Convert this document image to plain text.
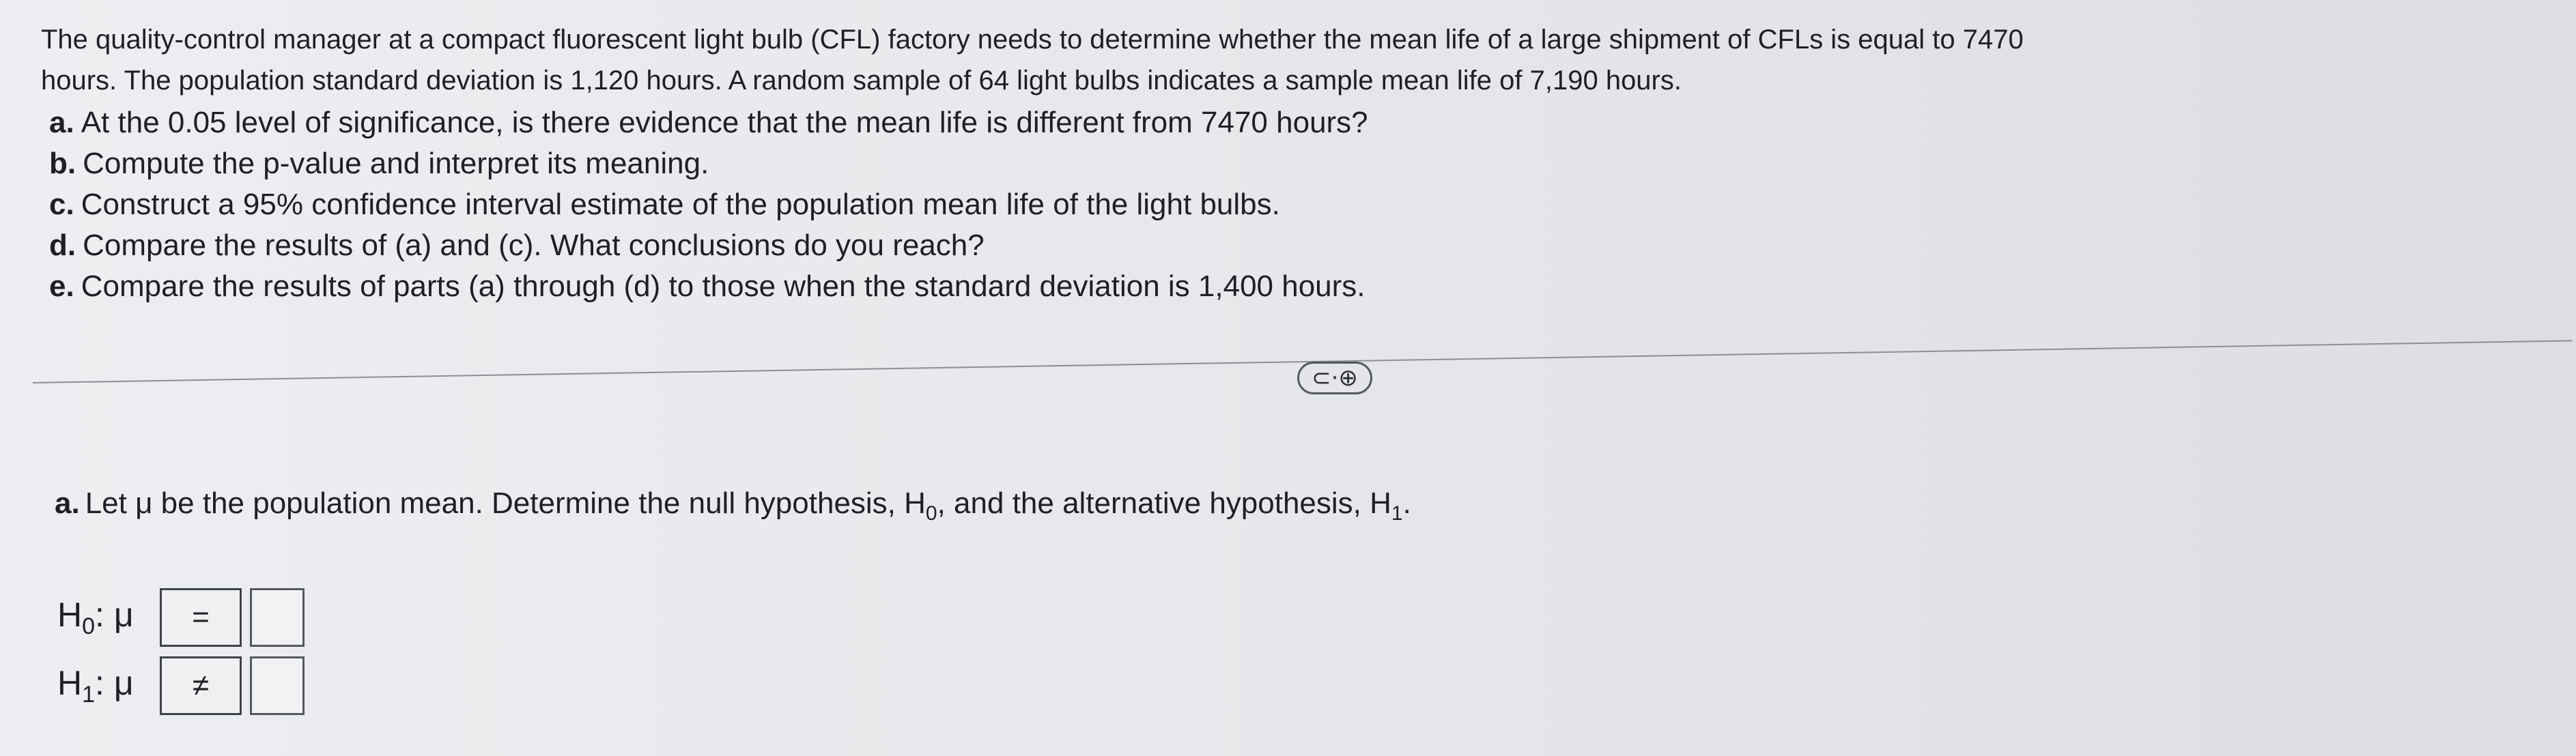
The quality-control manager at a compact fluorescent light bulb (CFL) factory needs to determine whether the mean life of a large shipment of CFLs is equal to 7470

hours. The population standard deviation is 1,120 hours. A random sample of 64 light bulbs indicates a sample mean life of 7,190 hours.

a. At the 0.05 level of significance, is there evidence that the mean life is different from 7470 hours?
b. Compute the p-value and interpret its meaning.
c. Construct a 95% confidence interval estimate of the population mean life of the light bulbs.
d. Compare the results of (a) and (c). What conclusions do you reach?
e. Compare the results of parts (a) through (d) to those when the standard deviation is 1,400 hours.
⊂·⊕
a. Let μ be the population mean. Determine the null hypothesis, $H_0$, and the alternative hypothesis, $H_1$.
$H_0$: μ	=
$H_1$: μ	≠
